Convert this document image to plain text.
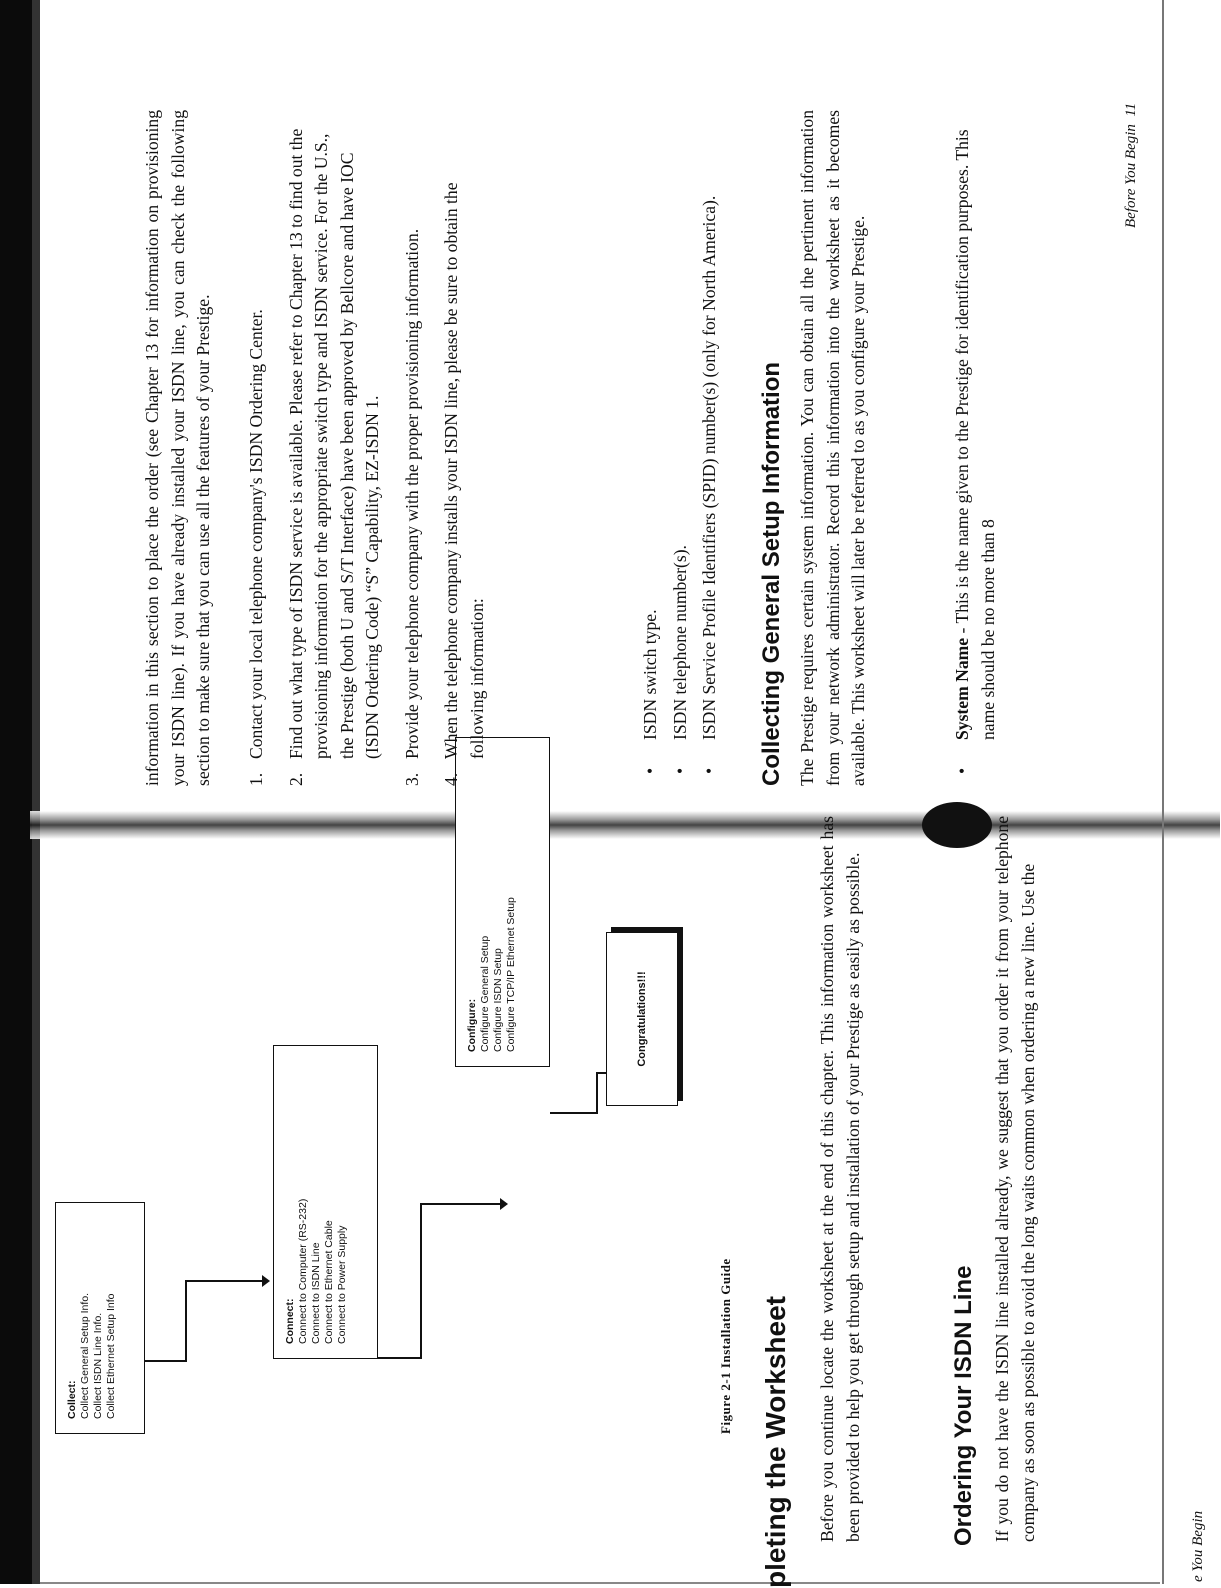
Collect: Collect General Setup Info. Collect ISDN Line Info. Collect Ethernet Setup Info	Connect: Connect to Computer (RS-232) Connect to ISDN Line Connect to Ethernet Cable Connect to Power Supply
Configure: Configure General Setup Configure ISDN Setup Configure TCP/IP Ethernet Setup	Congratulations!!!
Figure 2-1 Installation Guide pleting the Worksheet Before you continue locate the worksheet at the end of this chapter. This information worksheet has been provided to help you get through setup and installation of your Prestige as easily as possible.	Ordering Your ISDN Line If you do not have the ISDN line installed already, we suggest that you order it from your telephone company as soon as possible to avoid the long waits common when ordering a new line. Use the
e You Begin
information in this section to place the order (see Chapter 13 for information on provisioning your ISDN line). If you have already installed your ISDN line, you can check the following section to make sure that you can use all the features of your Prestige. 1.
Contact your local telephone company's ISDN Ordering Center.
2.
Find out what type of ISDN service is available. Please refer to Chapter 13 to find out the provisioning information for the appropriate switch type and ISDN service. For the U.S., the Prestige (both U and S/T Interface) have been approved by Bellcore and have IOC (ISDN Ordering Code) “S” Capability, EZ-ISDN 1.
3.
Provide your telephone company with the proper provisioning information.
4.
When the telephone company installs your ISDN line, please be sure to obtain the following information:
•
ISDN switch type.
•
ISDN telephone number(s).
•
ISDN Service Profile Identifiers (SPID) number(s) (only for North America). Collecting General Setup Information The Prestige requires certain system information. You can obtain all the pertinent information from your network administrator. Record this information into the worksheet as it becomes available. This worksheet will later be referred to as you configure your Prestige.	•
System Name - This is the name given to the Prestige for identification purposes. This name should be no more than 8
Before You Begin  11
